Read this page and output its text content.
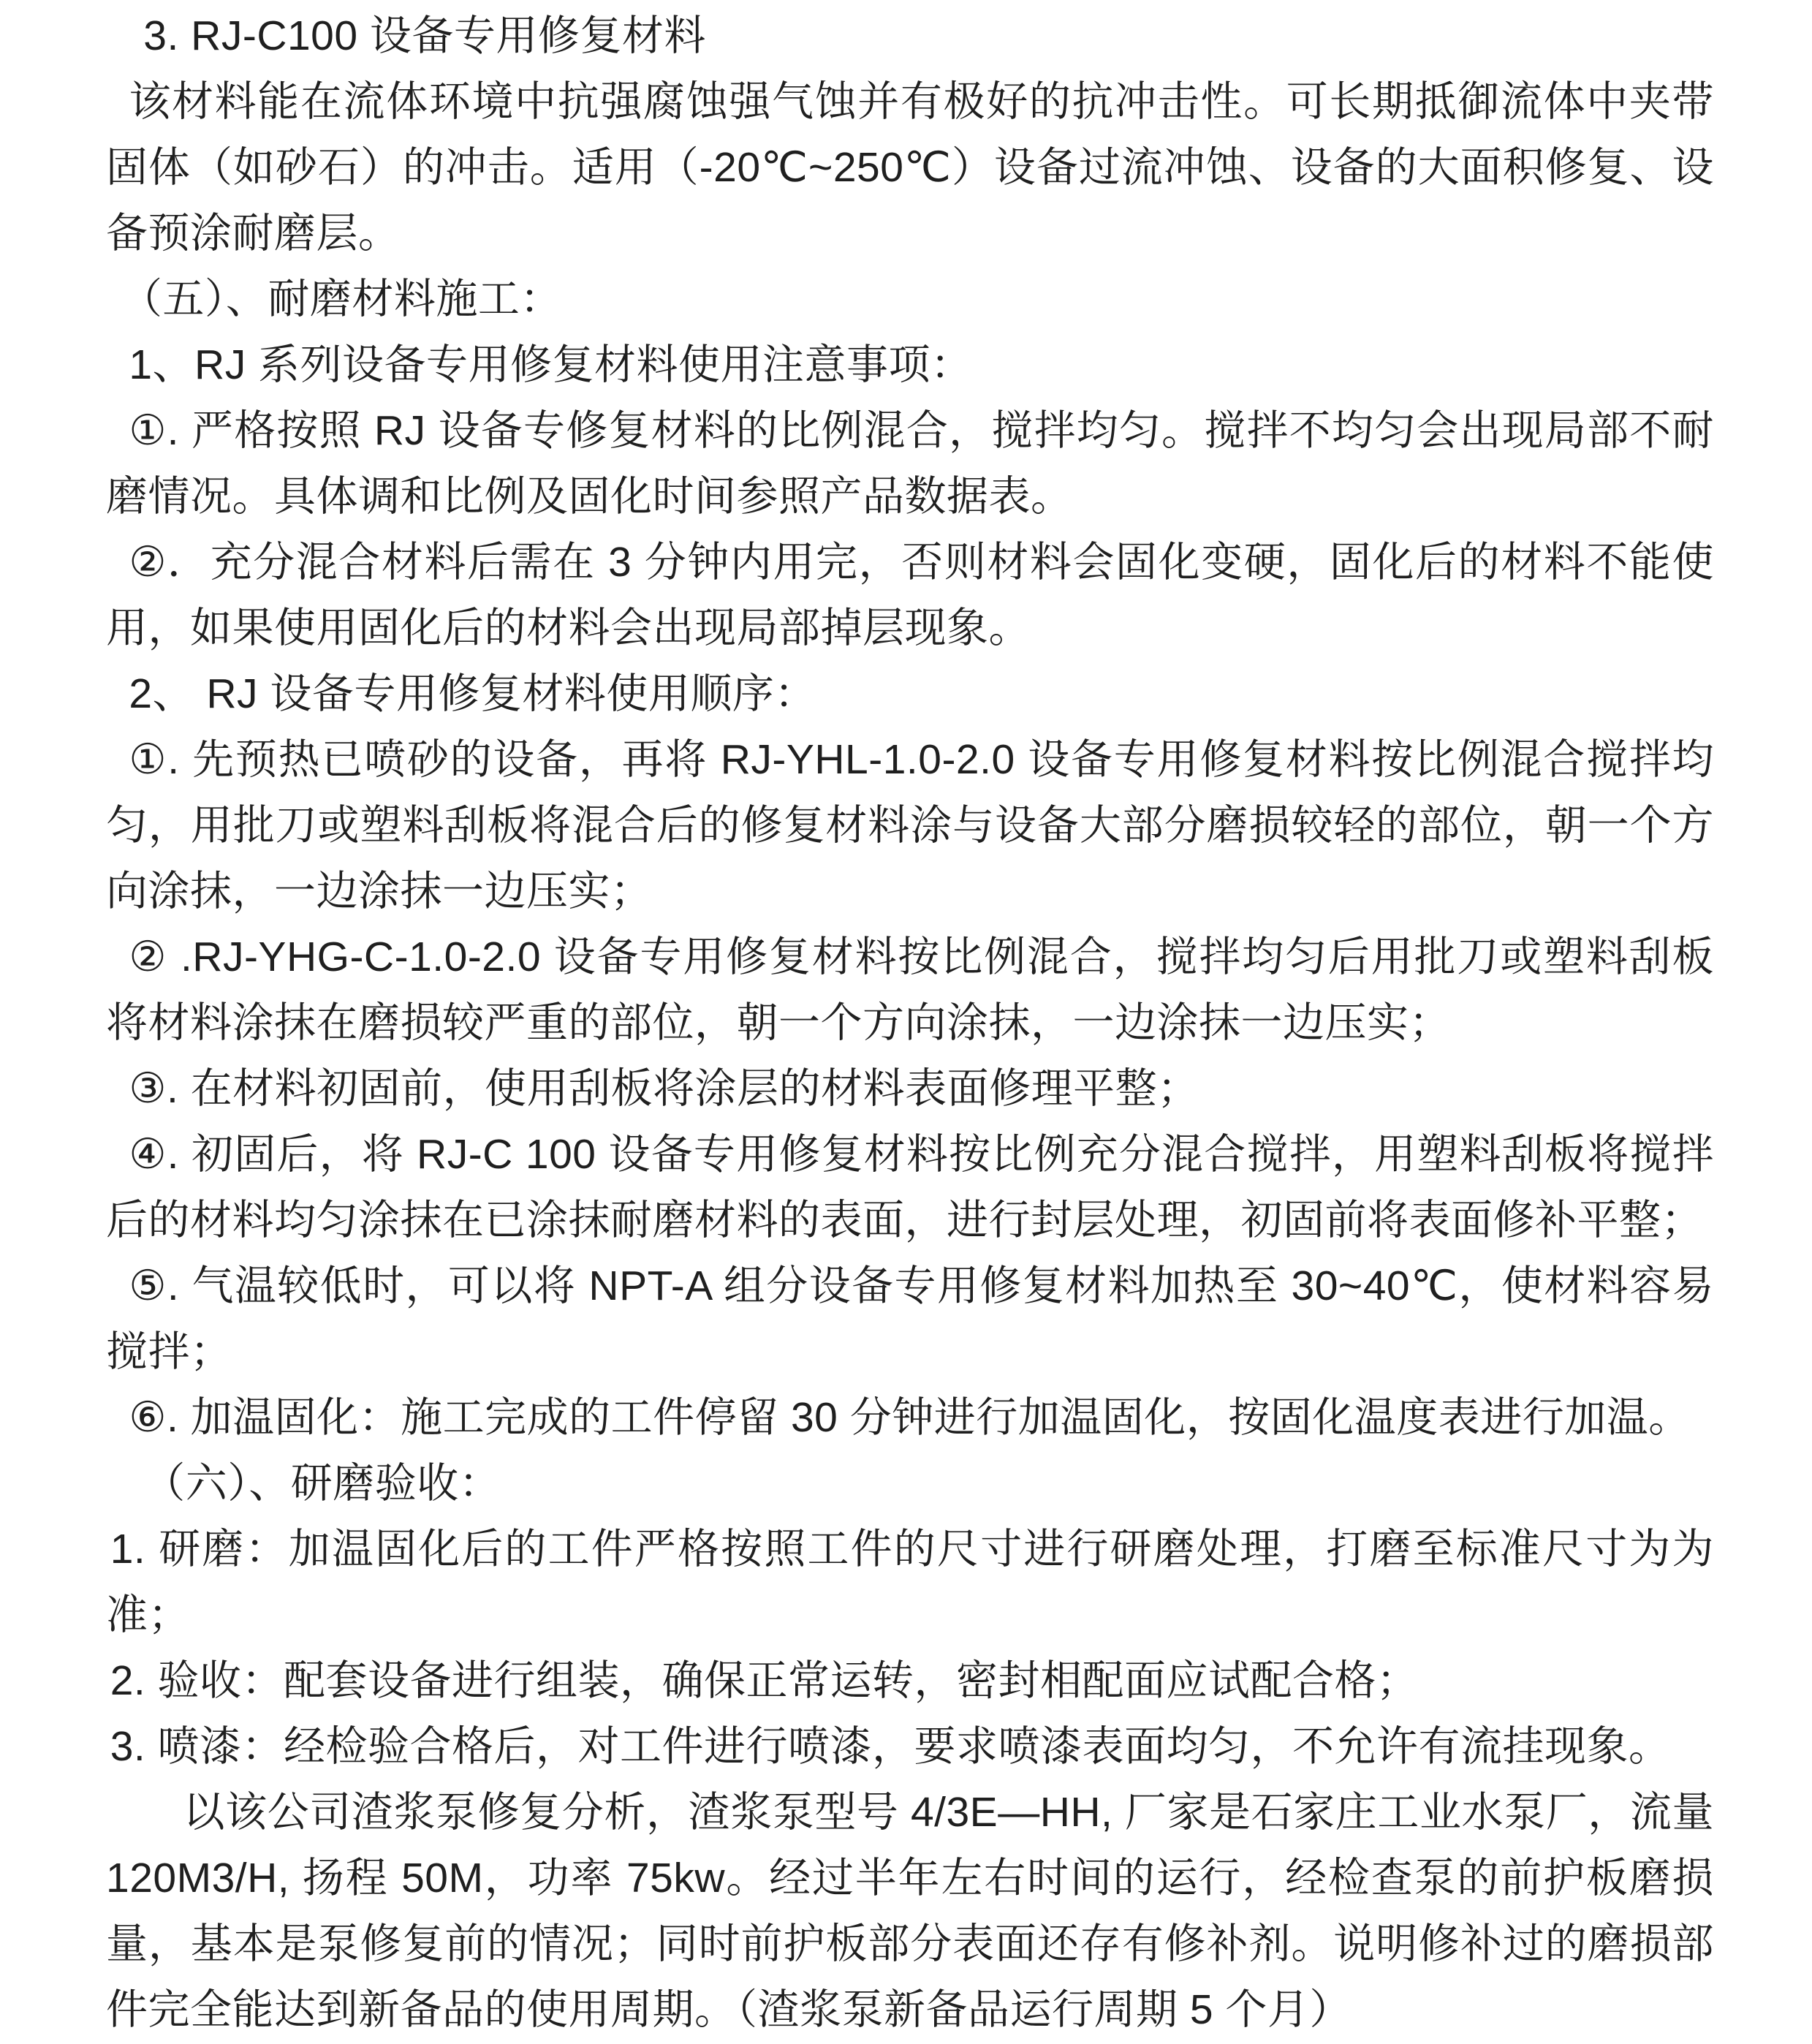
3. RJ-C100 设备专用修复材料

该材料能在流体环境中抗强腐蚀强气蚀并有极好的抗冲击性。可长期抵御流体中夹带固体（如砂石）的冲击。适用（-20℃~250℃）设备过流冲蚀、设备的大面积修复、设备预涂耐磨层。

（五）、耐磨材料施工：

1、RJ 系列设备专用修复材料使用注意事项：

①. 严格按照 RJ 设备专修复材料的比例混合，搅拌均匀。搅拌不均匀会出现局部不耐磨情况。具体调和比例及固化时间参照产品数据表。

②．充分混合材料后需在 3 分钟内用完，否则材料会固化变硬，固化后的材料不能使用，如果使用固化后的材料会出现局部掉层现象。

2、 RJ 设备专用修复材料使用顺序：

①. 先预热已喷砂的设备，再将 RJ-YHL-1.0-2.0 设备专用修复材料按比例混合搅拌均匀，用批刀或塑料刮板将混合后的修复材料涂与设备大部分磨损较轻的部位，朝一个方向涂抹，一边涂抹一边压实；

② .RJ-YHG-C-1.0-2.0 设备专用修复材料按比例混合，搅拌均匀后用批刀或塑料刮板将材料涂抹在磨损较严重的部位，朝一个方向涂抹，一边涂抹一边压实；

③. 在材料初固前，使用刮板将涂层的材料表面修理平整；

④. 初固后，将 RJ-C 100 设备专用修复材料按比例充分混合搅拌，用塑料刮板将搅拌后的材料均匀涂抹在已涂抹耐磨材料的表面，进行封层处理，初固前将表面修补平整；

⑤. 气温较低时，可以将 NPT-A 组分设备专用修复材料加热至 30~40℃，使材料容易搅拌；

⑥. 加温固化：施工完成的工件停留 30 分钟进行加温固化，按固化温度表进行加温。

（六）、研磨验收：

1. 研磨：加温固化后的工件严格按照工件的尺寸进行研磨处理，打磨至标准尺寸为为准；

2. 验收：配套设备进行组装，确保正常运转，密封相配面应试配合格；

3. 喷漆：经检验合格后，对工件进行喷漆，要求喷漆表面均匀，不允许有流挂现象。

以该公司渣浆泵修复分析，渣浆泵型号 4/3E—HH, 厂家是石家庄工业水泵厂，流量 120M3/H, 扬程 50M，功率 75kw。经过半年左右时间的运行，经检查泵的前护板磨损量，基本是泵修复前的情况；同时前护板部分表面还存有修补剂。说明修补过的磨损部件完全能达到新备品的使用周期。（渣浆泵新备品运行周期 5 个月）
